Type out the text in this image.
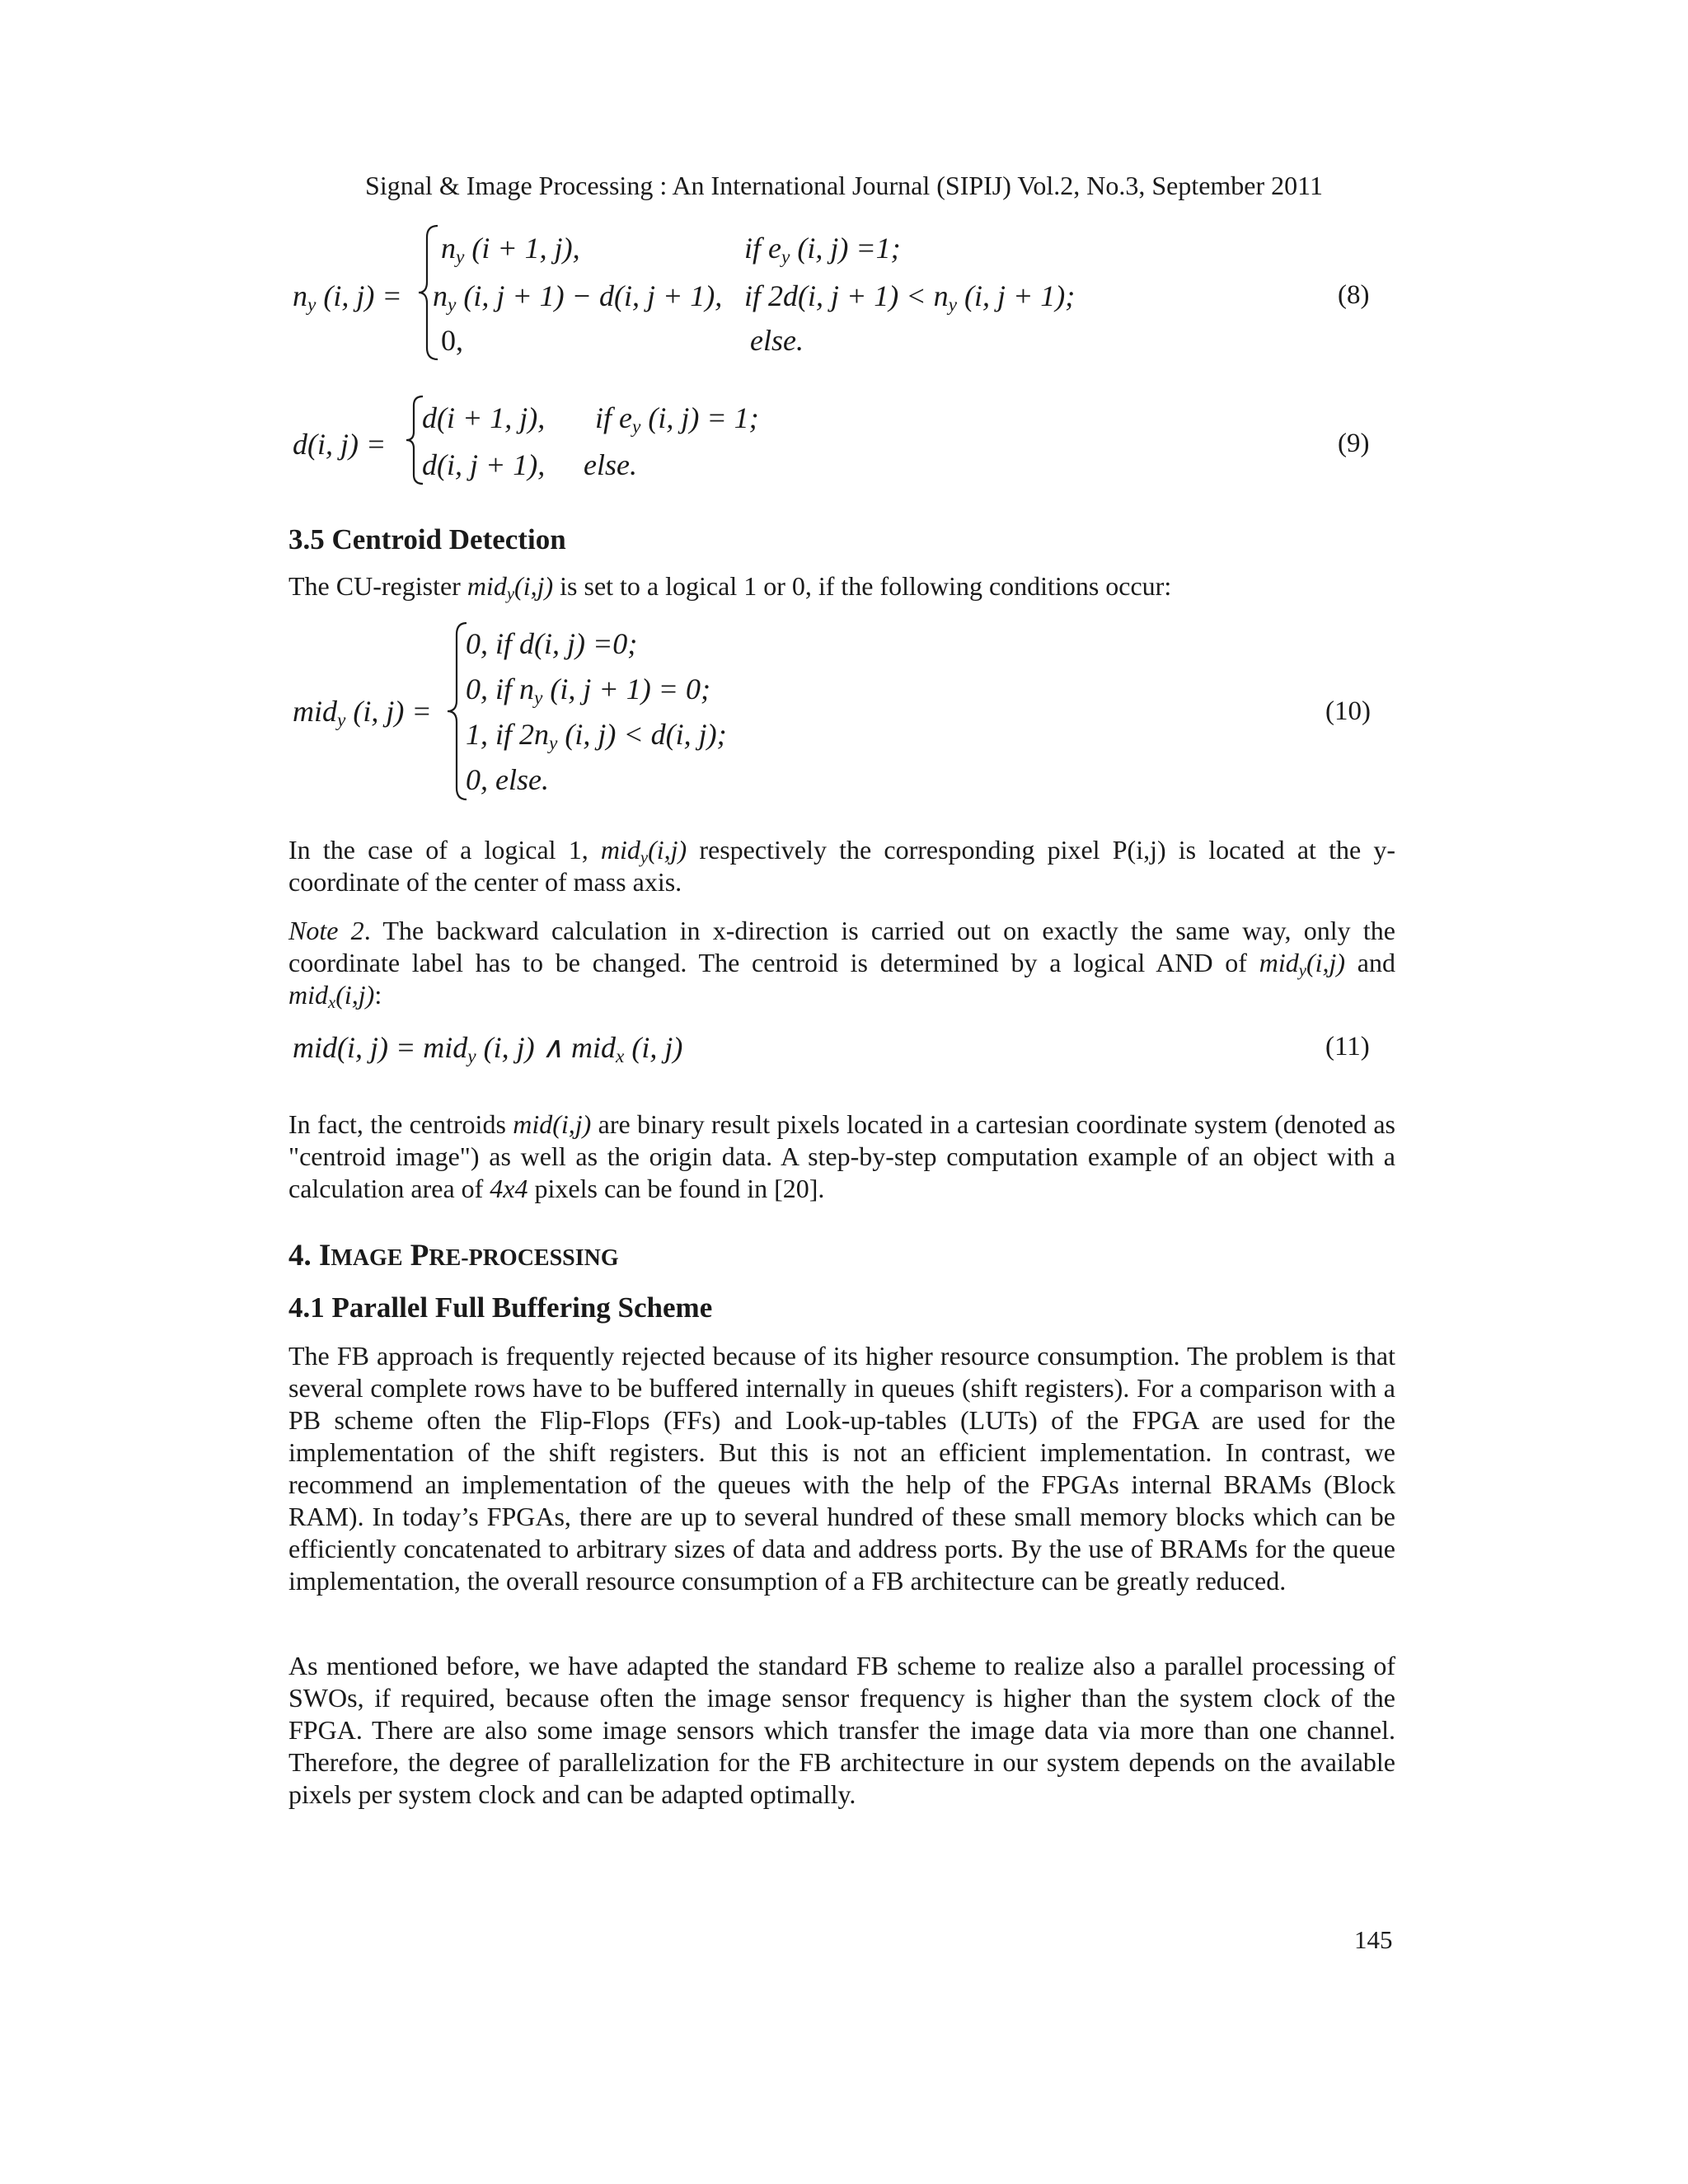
Signal & Image Processing : An International Journal (SIPIJ) Vol.2, No.3, September 2011
$n_y$ (i, j) =
$n_y$ (i + 1, j),	if $e_y$ (i, j) =1;
$n_y$ (i, j + 1) − d(i, j + 1), if 2d(i, $j + 1) < n_y$ (i, j + 1);
0,	else.
(8)
d(i, j) =
d(i + 1, j), if $e_y$ (i, j) = 1;
d(i, j + 1), else.
(9)
3.5 Centroid Detection
The CU-register mid$_y$(i,j) is set to a logical 1 or 0, if the following conditions occur:
mid$_y$ (i, j) =
0, if d(i, j) =0;
0, if $n_y$ (i, j + 1) = 0;
1, if $2n_y$ (i, j) < d(i, j);
0, else.
(10)
In the case of a logical 1, mid$_y$(i,j) respectively the corresponding pixel P(i,j) is located at the y-coordinate of the center of mass axis.
Note 2. The backward calculation in x-direction is carried out on exactly the same way, only the coordinate label has to be changed. The centroid is determined by a logical AND of mid$_y$(i,j) and mid$_x$(i,j):
mid(i, j) = mid$_y$ (i, j) ∧ mid$_x$ (i, j)	(11)
In fact, the centroids mid(i,j) are binary result pixels located in a cartesian coordinate system (denoted as "centroid image") as well as the origin data. A step-by-step computation example of an object with a calculation area of 4x4 pixels can be found in [20].
4. IMAGE PRE-PROCESSING
4.1 Parallel Full Buffering Scheme
The FB approach is frequently rejected because of its higher resource consumption. The problem is that several complete rows have to be buffered internally in queues (shift registers). For a comparison with a PB scheme often the Flip-Flops (FFs) and Look-up-tables (LUTs) of the FPGA are used for the implementation of the shift registers. But this is not an efficient implementation. In contrast, we recommend an implementation of the queues with the help of the FPGAs internal BRAMs (Block RAM). In today’s FPGAs, there are up to several hundred of these small memory blocks which can be efficiently concatenated to arbitrary sizes of data and address ports. By the use of BRAMs for the queue implementation, the overall resource consumption of a FB architecture can be greatly reduced.
As mentioned before, we have adapted the standard FB scheme to realize also a parallel processing of SWOs, if required, because often the image sensor frequency is higher than the system clock of the FPGA. There are also some image sensors which transfer the image data via more than one channel. Therefore, the degree of parallelization for the FB architecture in our system depends on the available pixels per system clock and can be adapted optimally.
145
